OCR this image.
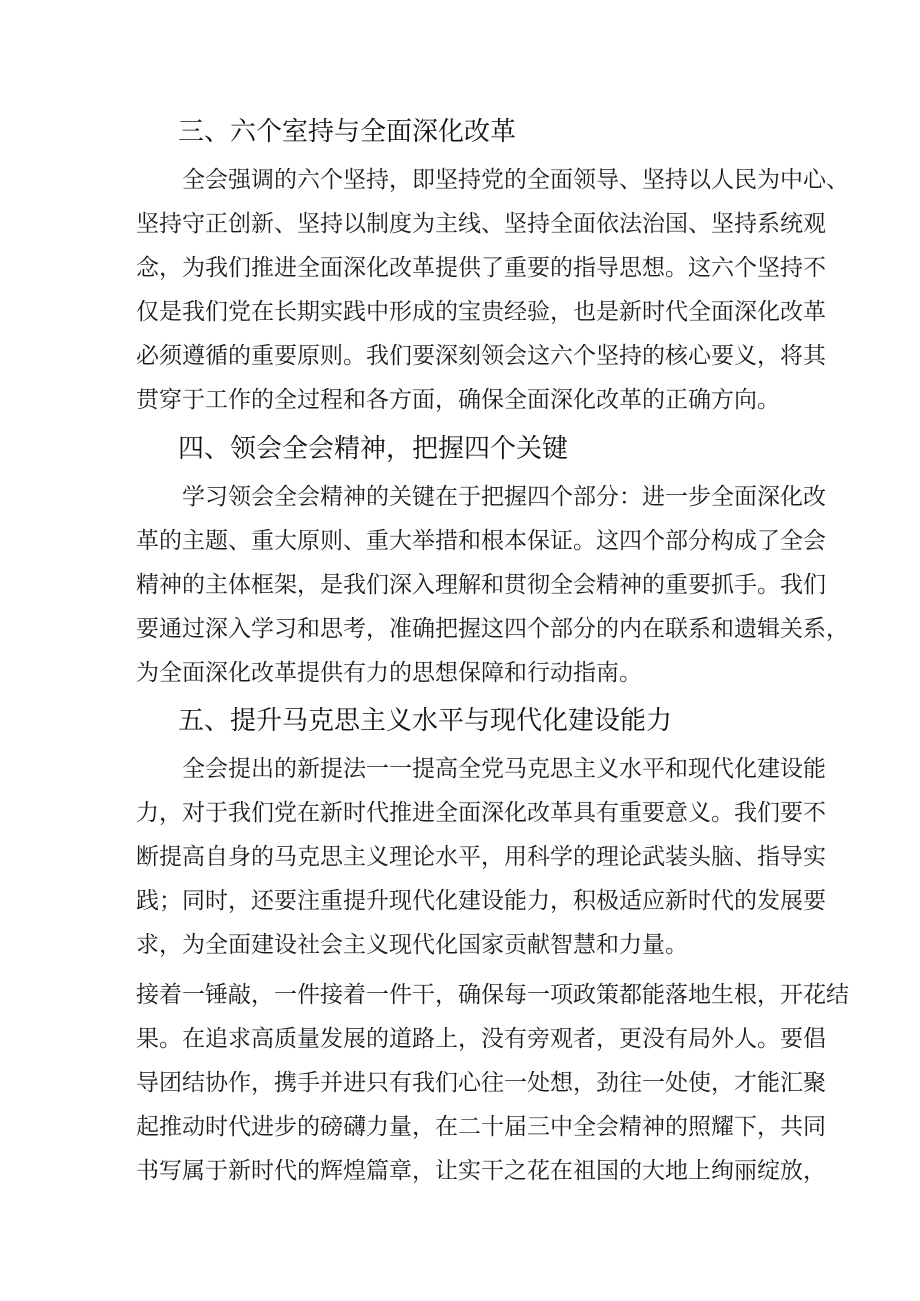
三、六个室持与全面深化改革

全会强调的六个坚持，即坚持党的全面领导、坚持以人民为中心、

坚持守正创新、坚持以制度为主线、坚持全面依法治国、坚持系统观

念，为我们推进全面深化改革提供了重要的指导思想。这六个坚持不

仅是我们党在长期实践中形成的宝贵经验，也是新时代全面深化改革

必须遵循的重要原则。我们要深刻领会这六个坚持的核心要义，将其

贯穿于工作的全过程和各方面，确保全面深化改革的正确方向。

四、领会全会精神，把握四个关键

学习领会全会精神的关键在于把握四个部分：进一步全面深化改

革的主题、重大原则、重大举措和根本保证。这四个部分构成了全会

精神的主体框架，是我们深入理解和贯彻全会精神的重要抓手。我们

要通过深入学习和思考，准确把握这四个部分的内在联系和遗辑关系，

为全面深化改革提供有力的思想保障和行动指南。

五、提升马克思主义水平与现代化建设能力

全会提出的新提法一一提高全党马克思主义水平和现代化建设能

力，对于我们党在新时代推进全面深化改革具有重要意义。我们要不

断提高自身的马克思主义理论水平，用科学的理论武装头脑、指导实

践；同时，还要注重提升现代化建设能力，积极适应新时代的发展要

求，为全面建设社会主义现代化国家贡献智慧和力量。

接着一锤敲，一件接着一件干，确保每一项政策都能落地生根，开花结

果。在追求高质量发展的道路上，没有旁观者，更没有局外人。要倡

导团结协作，携手并进只有我们心往一处想，劲往一处使，才能汇聚

起推动时代进步的磅礴力量，在二十届三中全会精神的照耀下，共同

书写属于新时代的辉煌篇章，让实干之花在祖国的大地上绚丽绽放，
